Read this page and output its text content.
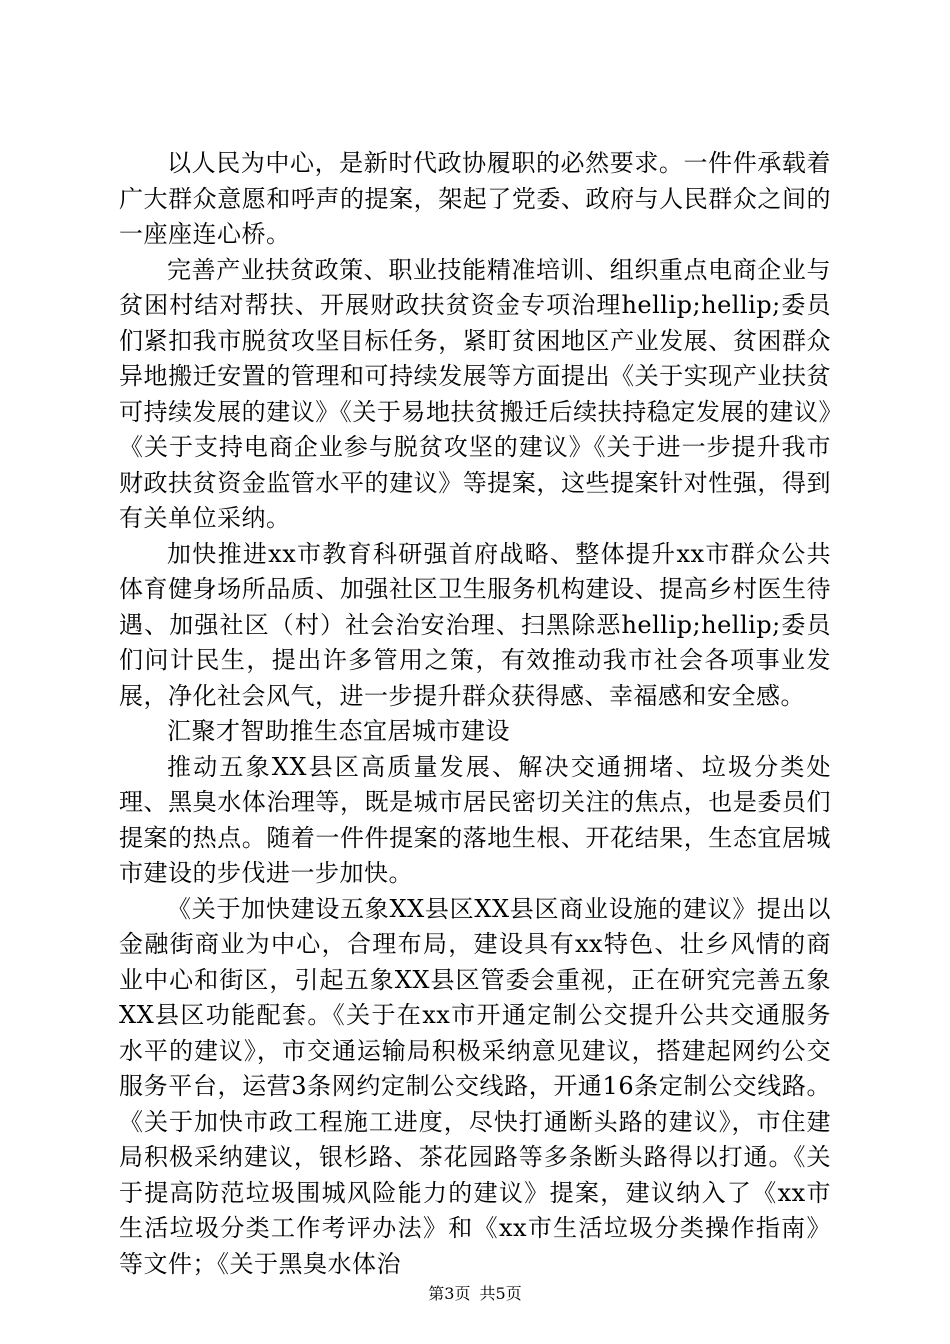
以人民为中心，是新时代政协履职的必然要求。一件件承载着广大群众意愿和呼声的提案，架起了党委、政府与人民群众之间的一座座连心桥。

完善产业扶贫政策、职业技能精准培训、组织重点电商企业与贫困村结对帮扶、开展财政扶贫资金专项治理hellip;hellip;委员们紧扣我市脱贫攻坚目标任务，紧盯贫困地区产业发展、贫困群众异地搬迁安置的管理和可持续发展等方面提出《关于实现产业扶贫可持续发展的建议》《关于易地扶贫搬迁后续扶持稳定发展的建议》《关于支持电商企业参与脱贫攻坚的建议》《关于进一步提升我市财政扶贫资金监管水平的建议》等提案，这些提案针对性强，得到有关单位采纳。

加快推进xx市教育科研强首府战略、整体提升xx市群众公共体育健身场所品质、加强社区卫生服务机构建设、提高乡村医生待遇、加强社区（村）社会治安治理、扫黑除恶hellip;hellip;委员们问计民生，提出许多管用之策，有效推动我市社会各项事业发展，净化社会风气，进一步提升群众获得感、幸福感和安全感。

汇聚才智助推生态宜居城市建设

推动五象XX县区高质量发展、解决交通拥堵、垃圾分类处理、黑臭水体治理等，既是城市居民密切关注的焦点，也是委员们提案的热点。随着一件件提案的落地生根、开花结果，生态宜居城市建设的步伐进一步加快。

《关于加快建设五象XX县区XX县区商业设施的建议》提出以金融街商业为中心，合理布局，建设具有xx特色、壮乡风情的商业中心和街区，引起五象XX县区管委会重视，正在研究完善五象XX县区功能配套。《关于在xx市开通定制公交提升公共交通服务水平的建议》，市交通运输局积极采纳意见建议，搭建起网约公交服务平台，运营3条网约定制公交线路，开通16条定制公交线路。《关于加快市政工程施工进度，尽快打通断头路的建议》，市住建局积极采纳建议，银杉路、茶花园路等多条断头路得以打通。《关于提高防范垃圾围城风险能力的建议》提案，建议纳入了《xx市生活垃圾分类工作考评办法》和《xx市生活垃圾分类操作指南》等文件；《关于黑臭水体治

第3页 共5页
